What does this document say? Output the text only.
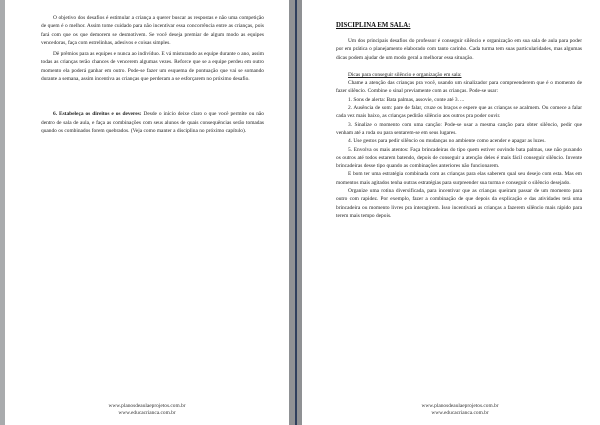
O objetivo dos desafios é estimular a criança a querer buscar as respostas e não uma competição de quem é o melhor. Assim tome cuidado para não incentivar essa concorrência entre as crianças, pois fará com que os que demorem se desmotivem. Se você deseja premiar de algum modo as equipes vencedoras, faça com estrelinhas, adesivos e coisas simples.

Dê prêmios para as equipes e nunca ao indivíduo. E vá misturando as equipe durante o ano, assim todas as crianças terão chances de vencerem algumas vezes. Reforce que se a equipe perdeu em outro momento ela poderá ganhar em outro. Pode-se fazer um esquema de pontuação que vai se somando durante a semana, assim incentiva as crianças que perderam a se esforçarem no próximo desafio.

6. Estabeleça os direitos e os deveres: Desde o início deixe claro o que você permite ou não dentro de sala de aula, e faça as combinações com seus alunos de quais consequências serão tomadas quando os combinados forem quebrados. (Veja como manter a disciplina no próximo capítulo).

www.planosdeaulaeprojetos.com.br
www.educacrianca.com.br
DISCIPLINA EM SALA:

Um dos principais desafios do professor é conseguir silêncio e organização em sua sala de aula para poder por em prática o planejamento elaborado com tanto carinho. Cada turma tem suas particularidades, mas algumas dicas podem ajudar de um modo geral a melhorar essa situação.

Dicas para conseguir silêncio e organização em sala:

Chame a atenção das crianças pra você, usando um sinalizador para compreenderem que é o momento de fazer silêncio. Combine o sinal previamente com as crianças. Pode-se usar:

1. Sons de alerta: Bata palmas, assovie, conte até 3….

2. Ausência de som: pare de falar, cruze os braços e espere que as crianças se acalmem. Ou comece a falar cada vez mais baixo, as crianças pedirão silêncio aos outros pra poder ouvir.

3. Sinalize o momento com uma canção: Pode-se usar a mesma canção para obter silêncio, pedir que venham até a roda ou para sentarem-se em seus lugares.

4. Use gestos para pedir silêncio ou mudanças no ambiente como acender e apagar as luzes.

5. Envolva os mais atentos: Faça brincadeiras do tipo quem estiver ouvindo bata palmas, use não puxando os outros até todos estarem batendo, depois de conseguir a atenção deles é mais fácil conseguir silêncio. Invente brincadeiras desse tipo quando as combinações anteriores não funcionarem.

E bom ter uma estratégia combinada com as crianças para elas saberem qual seu desejo com esta. Mas em momentos mais agitados tenha outras estratégias para surpreender sua turma e conseguir o silêncio desejado.

Organize uma rotina diversificada, para incentivar que as crianças queiram passar de um momento para outro com rapidez. Por exemplo, fazer a combinação de que depois da explicação e das atividades terá uma brincadeira ou momento livres pra interagirem. Isso incentivará as crianças a fazerem silêncio mais rápido para terem mais tempo depois.

www.planosdeaulaeprojetos.com.br
www.educacrianca.com.br
